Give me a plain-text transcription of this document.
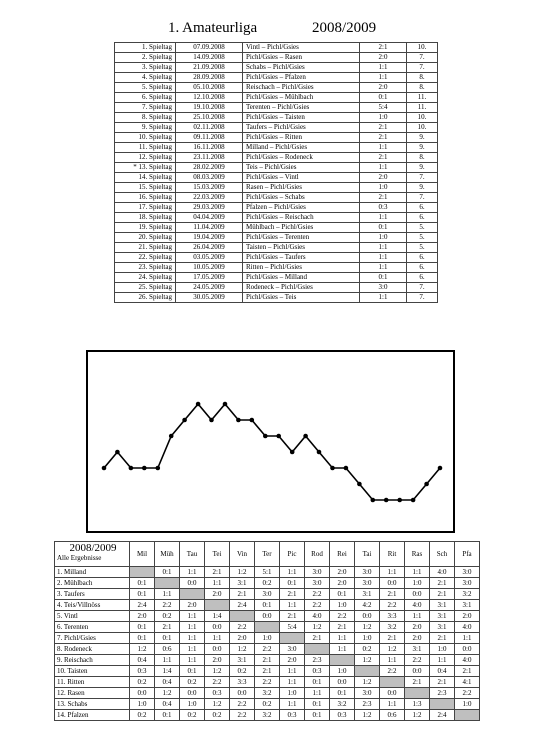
1. Amateurliga	2008/2009
1. Spieltag	07.09.2008	Vintl – Pichl/Gsies	2:1	10.
2. Spieltag	14.09.2008	Pichl/Gsies – Rasen	2:0	7.
3. Spieltag	21.09.2008	Schabs – Pichl/Gsies	1:1	7.
4. Spieltag	28.09.2008	Pichl/Gsies – Pfalzen	1:1	8.
5. Spieltag	05.10.2008	Reischach – Pichl/Gsies	2:0	8.
6. Spieltag	12.10.2008	Pichl/Gsies – Mühlbach	0:1	11.
7. Spieltag	19.10.2008	Terenten – Pichl/Gsies	5:4	11.
8. Spieltag	25.10.2008	Pichl/Gsies – Taisten	1:0	10.
9. Spieltag	02.11.2008	Taufers – Pichl/Gsies	2:1	10.
10. Spieltag	09.11.2008	Pichl/Gsies – Ritten	2:1	9.
11. Spieltag	16.11.2008	Milland – Pichl/Gsies	1:1	9.
12. Spieltag	23.11.2008	Pichl/Gsies – Rodeneck	2:1	8.
* 13. Spieltag	28.02.2009	Teis – Pichl/Gsies	1:1	9.
14. Spieltag	08.03.2009	Pichl/Gsies – Vintl	2:0	7.
15. Spieltag	15.03.2009	Rasen – Pichl/Gsies	1:0	9.
16. Spieltag	22.03.2009	Pichl/Gsies – Schabs	2:1	7.
17. Spieltag	29.03.2009	Pfalzen – Pichl/Gsies	0:3	6.
18. Spieltag	04.04.2009	Pichl/Gsies – Reischach	1:1	6.
19. Spieltag	11.04.2009	Mühlbach – Pichl/Gsies	0:1	5.
20. Spieltag	19.04.2009	Pichl/Gsies – Terenten	1:0	5.
21. Spieltag	26.04.2009	Taisten – Pichl/Gsies	1:1	5.
22. Spieltag	03.05.2009	Pichl/Gsies – Taufers	1:1	6.
23. Spieltag	10.05.2009	Ritten – Pichl/Gsies	1:1	6.
24. Spieltag	17.05.2009	Pichl/Gsies – Milland	0:1	6.
25. Spieltag	24.05.2009	Rodeneck – Pichl/Gsies	3:0	7.
26. Spieltag	30.05.2009	Pichl/Gsies – Teis	1:1	7.
2008/2009
Alle Ergebnisse	Mil	Müh	Tau	Tei	Vin	Ter	Pic	Rod	Rei	Tai	Rit	Ras	Sch	Pfa
1. Milland		0:1	1:1	2:1	1:2	5:1	1:1	3:0	2:0	3:0	1:1	1:1	4:0	3:0
2. Mühlbach	0:1		0:0	1:1	3:1	0:2	0:1	3:0	2:0	3:0	0:0	1:0	2:1	3:0
3. Taufers	0:1	1:1		2:0	2:1	3:0	2:1	2:2	0:1	3:1	2:1	0:0	2:1	3:2
4. Teis/Villnöss	2:4	2:2	2:0		2:4	0:1	1:1	2:2	1:0	4:2	2:2	4:0	3:1	3:1
5. Vintl	2:0	0:2	1:1	1:4		0:0	2:1	4:0	2:2	0:0	3:3	1:1	3:1	2:0
6. Terenten	0:1	2:1	1:1	0:0	2:2		5:4	1:2	2:1	1:2	3:2	2:0	3:1	4:0
7. Pichl/Gsies	0:1	0:1	1:1	1:1	2:0	1:0		2:1	1:1	1:0	2:1	2:0	2:1	1:1
8. Rodeneck	1:2	0:6	1:1	0:0	1:2	2:2	3:0		1:1	0:2	1:2	3:1	1:0	0:0
9. Reischach	0:4	1:1	1:1	2:0	3:1	2:1	2:0	2:3		1:2	1:1	2:2	1:1	4:0
10. Taisten	0:3	1:4	0:1	1:2	0:2	2:1	1:1	0:3	1:0		2:2	0:0	0:4	2:1
11. Ritten	0:2	0:4	0:2	2:2	3:3	2:2	1:1	0:1	0:0	1:2		2:1	2:1	4:1
12. Rasen	0:0	1:2	0:0	0:3	0:0	3:2	1:0	1:1	0:1	3:0	0:0		2:3	2:2
13. Schabs	1:0	0:4	1:0	1:2	2:2	0:2	1:1	0:1	3:2	2:3	1:1	1:3		1:0
14. Pfalzen	0:2	0:1	0:2	0:2	2:2	3:2	0:3	0:1	0:3	1:2	0:6	1:2	2:4	
